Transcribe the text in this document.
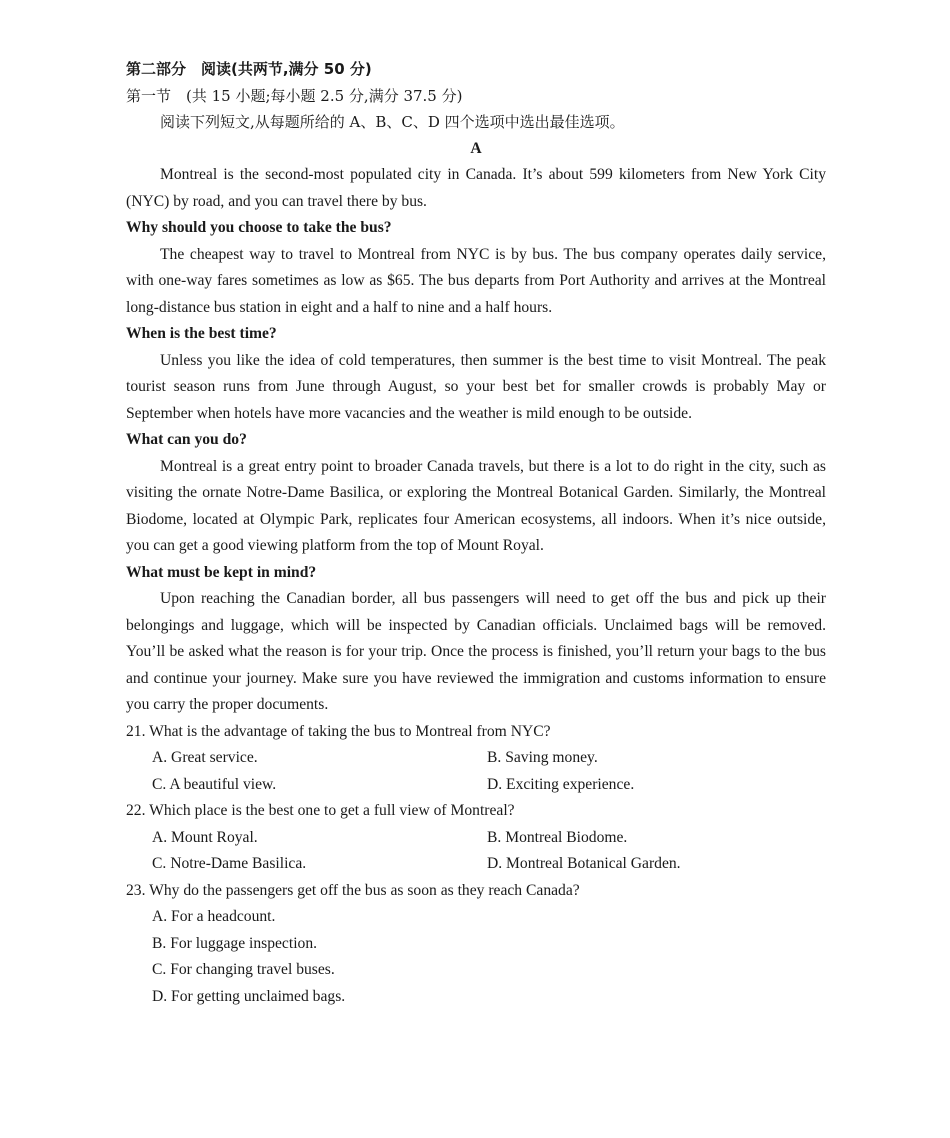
第二部分　阅读(共两节,满分 50 分)
第一节　(共 15 小题;每小题 2.5 分,满分 37.5 分)
阅读下列短文,从每题所给的 A、B、C、D 四个选项中选出最佳选项。
A
Montreal is the second-most populated city in Canada. It’s about 599 kilometers from New York City (NYC) by road, and you can travel there by bus.
Why should you choose to take the bus?
The cheapest way to travel to Montreal from NYC is by bus. The bus company operates daily service, with one-way fares sometimes as low as $65. The bus departs from Port Authority and arrives at the Montreal long-distance bus station in eight and a half to nine and a half hours.
When is the best time?
Unless you like the idea of cold temperatures, then summer is the best time to visit Montreal. The peak tourist season runs from June through August, so your best bet for smaller crowds is probably May or September when hotels have more vacancies and the weather is mild enough to be outside.
What can you do?
Montreal is a great entry point to broader Canada travels, but there is a lot to do right in the city, such as visiting the ornate Notre-Dame Basilica, or exploring the Montreal Botanical Garden. Similarly, the Montreal Biodome, located at Olympic Park, replicates four American ecosystems, all indoors. When it’s nice outside, you can get a good viewing platform from the top of Mount Royal.
What must be kept in mind?
Upon reaching the Canadian border, all bus passengers will need to get off the bus and pick up their belongings and luggage, which will be inspected by Canadian officials. Unclaimed bags will be removed. You’ll be asked what the reason is for your trip. Once the process is finished, you’ll return your bags to the bus and continue your journey. Make sure you have reviewed the immigration and customs information to ensure you carry the proper documents.
21. What is the advantage of taking the bus to Montreal from NYC?
A. Great service.	B. Saving money.
C. A beautiful view.	D. Exciting experience.
22. Which place is the best one to get a full view of Montreal?
A. Mount Royal.	B. Montreal Biodome.
C. Notre-Dame Basilica.	D. Montreal Botanical Garden.
23. Why do the passengers get off the bus as soon as they reach Canada?
A. For a headcount.
B. For luggage inspection.
C. For changing travel buses.
D. For getting unclaimed bags.
